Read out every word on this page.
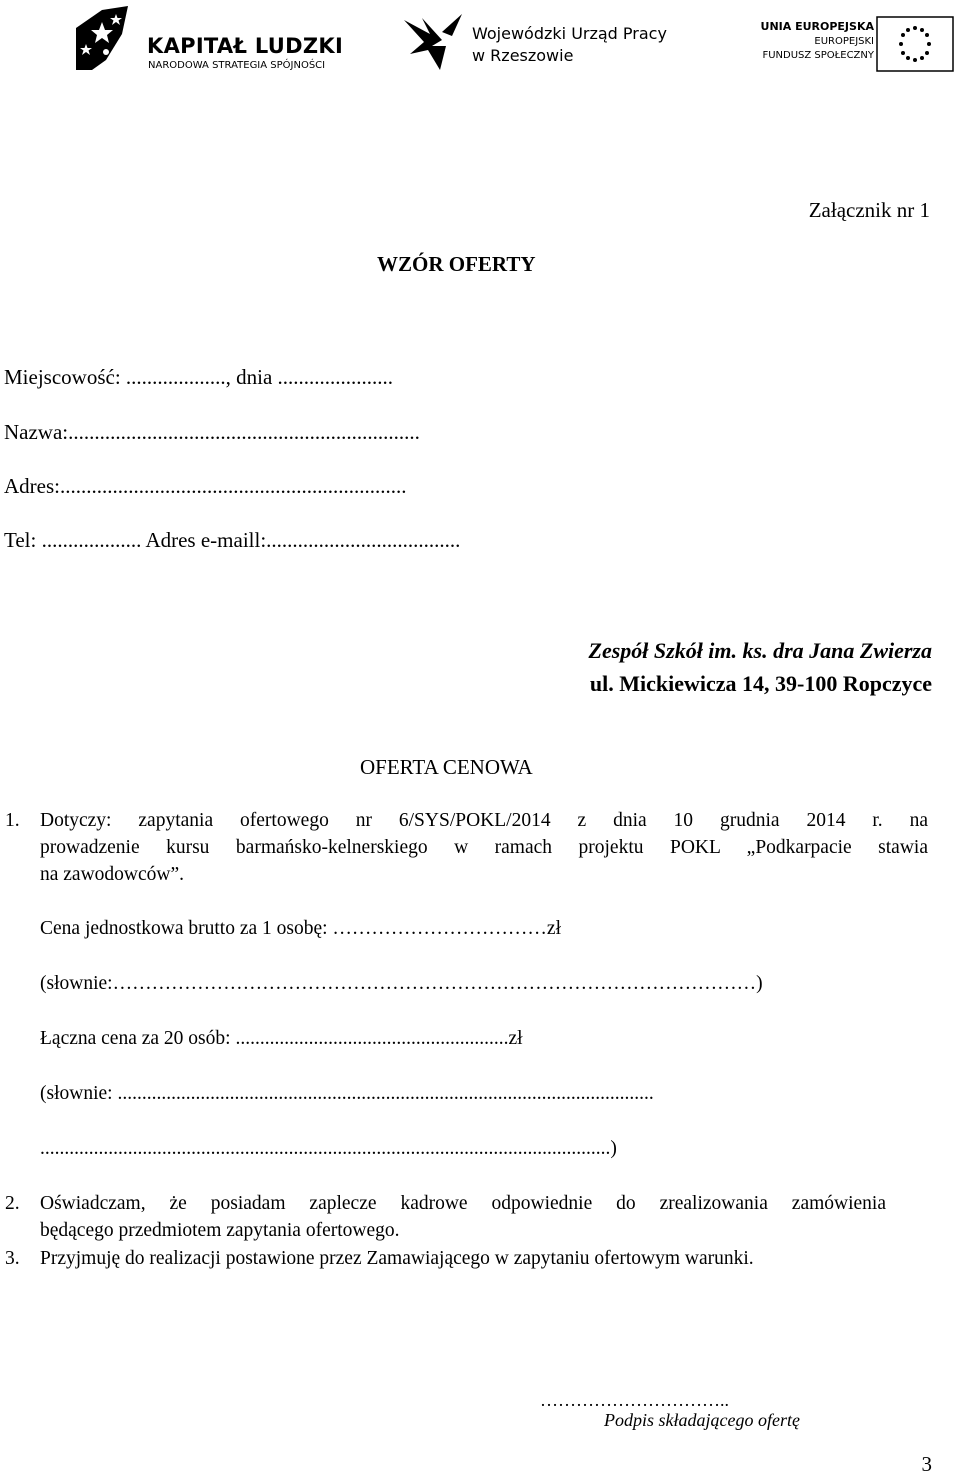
KAPITAŁ LUDZKI
NARODOWA STRATEGIA SPÓJNOŚCI
Wojewódzki Urząd Pracy
w Rzeszowie
UNIA EUROPEJSKA
EUROPEJSKI
FUNDUSZ SPOŁECZNY
Załącznik nr 1
WZÓR OFERTY
Miejscowość: ..................., dnia ......................
Nazwa:...................................................................
Adres:..................................................................
Tel: ................... Adres e-maill:.....................................
Zespół Szkół im. ks. dra Jana Zwierza
ul. Mickiewicza 14, 39-100 Ropczyce
OFERTA CENOWA
1. Dotyczy: zapytania ofertowego nr 6/SYS/POKL/2014 z dnia 10 grudnia 2014 r. na
prowadzenie kursu barmańsko-kelnerskiego w ramach projektu POKL „Podkarpacie stawia
na zawodowców”.
Cena jednostkowa brutto za 1 osobę: ……………………………zł
(słownie:………………………………………………………………………………………)
Łączna cena za 20 osób: ........................................................zł
(słownie: ..............................................................................................................
.....................................................................................................................)
2. Oświadczam, że posiadam zaplecze kadrowe odpowiednie do zrealizowania zamówienia
będącego przedmiotem zapytania ofertowego.
3. Przyjmuję do realizacji postawione przez Zamawiającego w zapytaniu ofertowym warunki.
…………………………..
Podpis składającego ofertę
3
